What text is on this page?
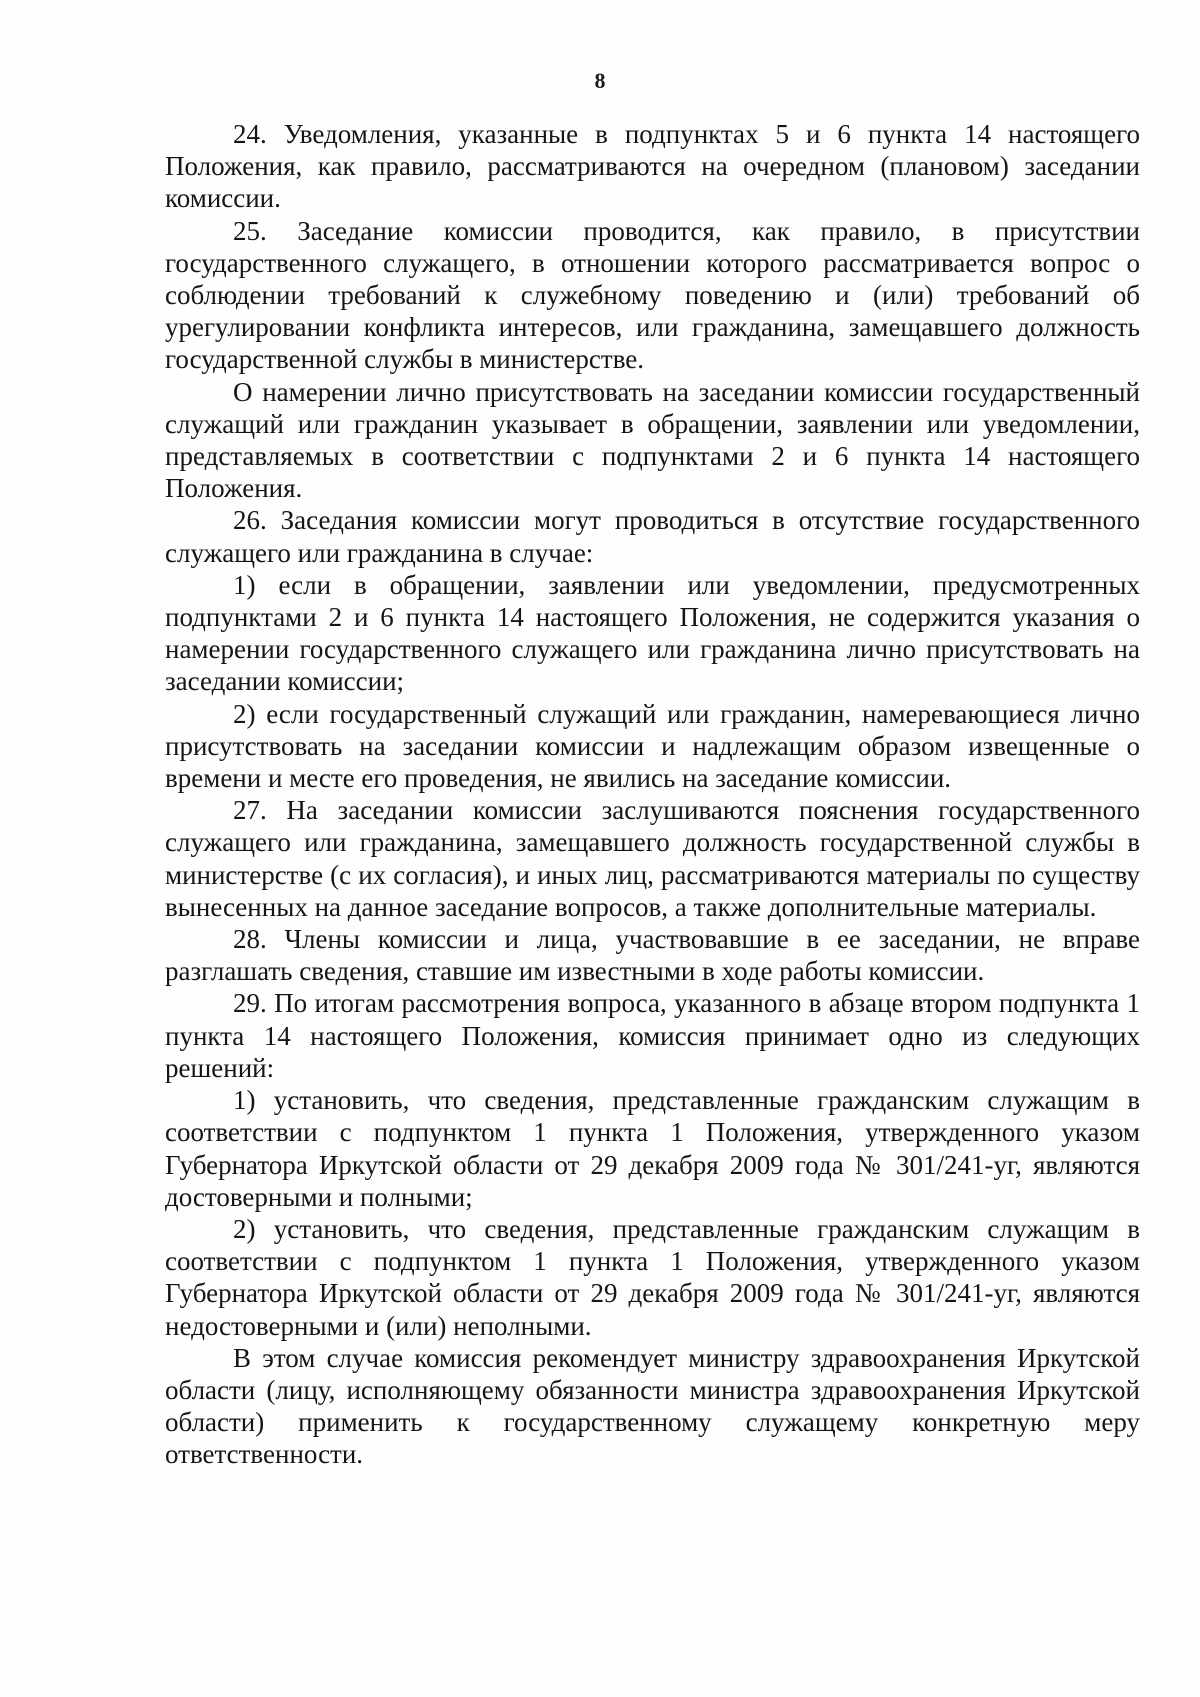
8

24. Уведомления, указанные в подпунктах 5 и 6 пункта 14 настоящего Положения, как правило, рассматриваются на очередном (плановом) заседании комиссии.

25. Заседание комиссии проводится, как правило, в присутствии государственного служащего, в отношении которого рассматривается вопрос о соблюдении требований к служебному поведению и (или) требований об урегулировании конфликта интересов, или гражданина, замещавшего должность государственной службы в министерстве.

О намерении лично присутствовать на заседании комиссии государственный служащий или гражданин указывает в обращении, заявлении или уведомлении, представляемых в соответствии с подпунктами 2 и 6 пункта 14 настоящего Положения.

26. Заседания комиссии могут проводиться в отсутствие государственного служащего или гражданина в случае:

1) если в обращении, заявлении или уведомлении, предусмотренных подпунктами 2 и 6 пункта 14 настоящего Положения, не содержится указания о намерении государственного служащего или гражданина лично присутствовать на заседании комиссии;

2) если государственный служащий или гражданин, намеревающиеся лично присутствовать на заседании комиссии и надлежащим образом извещенные о времени и месте его проведения, не явились на заседание комиссии.

27. На заседании комиссии заслушиваются пояснения государственного служащего или гражданина, замещавшего должность государственной службы в министерстве (с их согласия), и иных лиц, рассматриваются материалы по существу вынесенных на данное заседание вопросов, а также дополнительные материалы.

28. Члены комиссии и лица, участвовавшие в ее заседании, не вправе разглашать сведения, ставшие им известными в ходе работы комиссии.

29. По итогам рассмотрения вопроса, указанного в абзаце втором подпункта 1 пункта 14 настоящего Положения, комиссия принимает одно из следующих решений:

1) установить, что сведения, представленные гражданским служащим в соответствии с подпунктом 1 пункта 1 Положения, утвержденного указом Губернатора Иркутской области от 29 декабря 2009 года № 301/241-уг, являются достоверными и полными;

2) установить, что сведения, представленные гражданским служащим в соответствии с подпунктом 1 пункта 1 Положения, утвержденного указом Губернатора Иркутской области от 29 декабря 2009 года № 301/241-уг, являются недостоверными и (или) неполными.

В этом случае комиссия рекомендует министру здравоохранения Иркутской области (лицу, исполняющему обязанности министра здравоохранения Иркутской области) применить к государственному служащему конкретную меру ответственности.
